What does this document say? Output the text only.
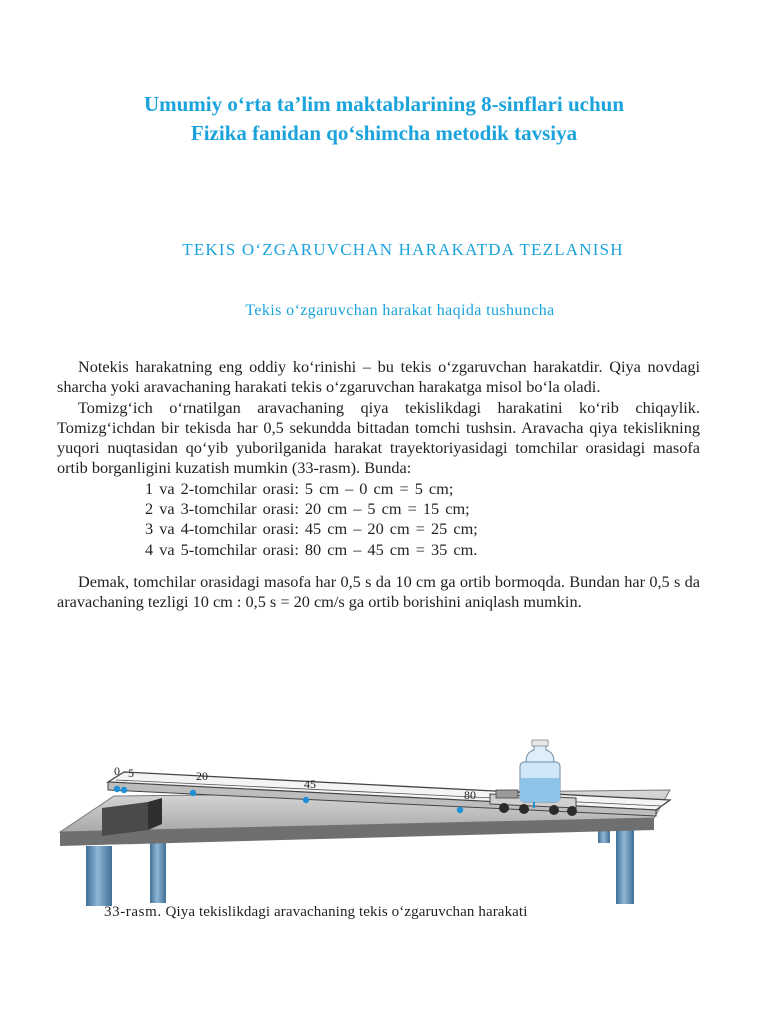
Umumiy o‘rta ta’lim maktablarining 8-sinflari uchun
Fizika fanidan qo‘shimcha metodik tavsiya
TEKIS O‘ZGARUVCHAN HARAKATDA TEZLANISH
Tekis o‘zgaruvchan harakat haqida tushuncha

Notekis harakatning eng oddiy ko‘rinishi – bu tekis o‘zgaruvchan harakatdir. Qiya novdagi sharcha yoki aravachaning harakati tekis o‘zgaruvchan harakatga misol bo‘la oladi.

Tomizg‘ich o‘rnatilgan aravachaning qiya tekislikdagi harakatini ko‘rib chiqaylik. Tomizg‘ichdan bir tekisda har 0,5 sekundda bittadan tomchi tushsin. Aravacha qiya tekislikning yuqori nuqtasidan qo‘yib yuborilganida harakat trayektoriyasidagi tomchilar orasidagi masofa ortib borganligini kuzatish mumkin (33-rasm). Bunda:

1 va 2-tomchilar orasi: 5 cm – 0 cm = 5 cm;
2 va 3-tomchilar orasi: 20 cm – 5 cm = 15 cm;
3 va 4-tomchilar orasi: 45 cm – 20 cm = 25 cm;
4 va 5-tomchilar orasi: 80 cm – 45 cm = 35 cm.

Demak, tomchilar orasidagi masofa har 0,5 s da 10 cm ga ortib bormoqda. Bundan har 0,5 s da aravachaning tezligi 10 cm : 0,5 s = 20 cm/s ga ortib borishini aniqlash mumkin.

0 5	20
45
80
33-rasm. Qiya tekislikdagi aravachaning tekis o‘zgaruvchan harakati
